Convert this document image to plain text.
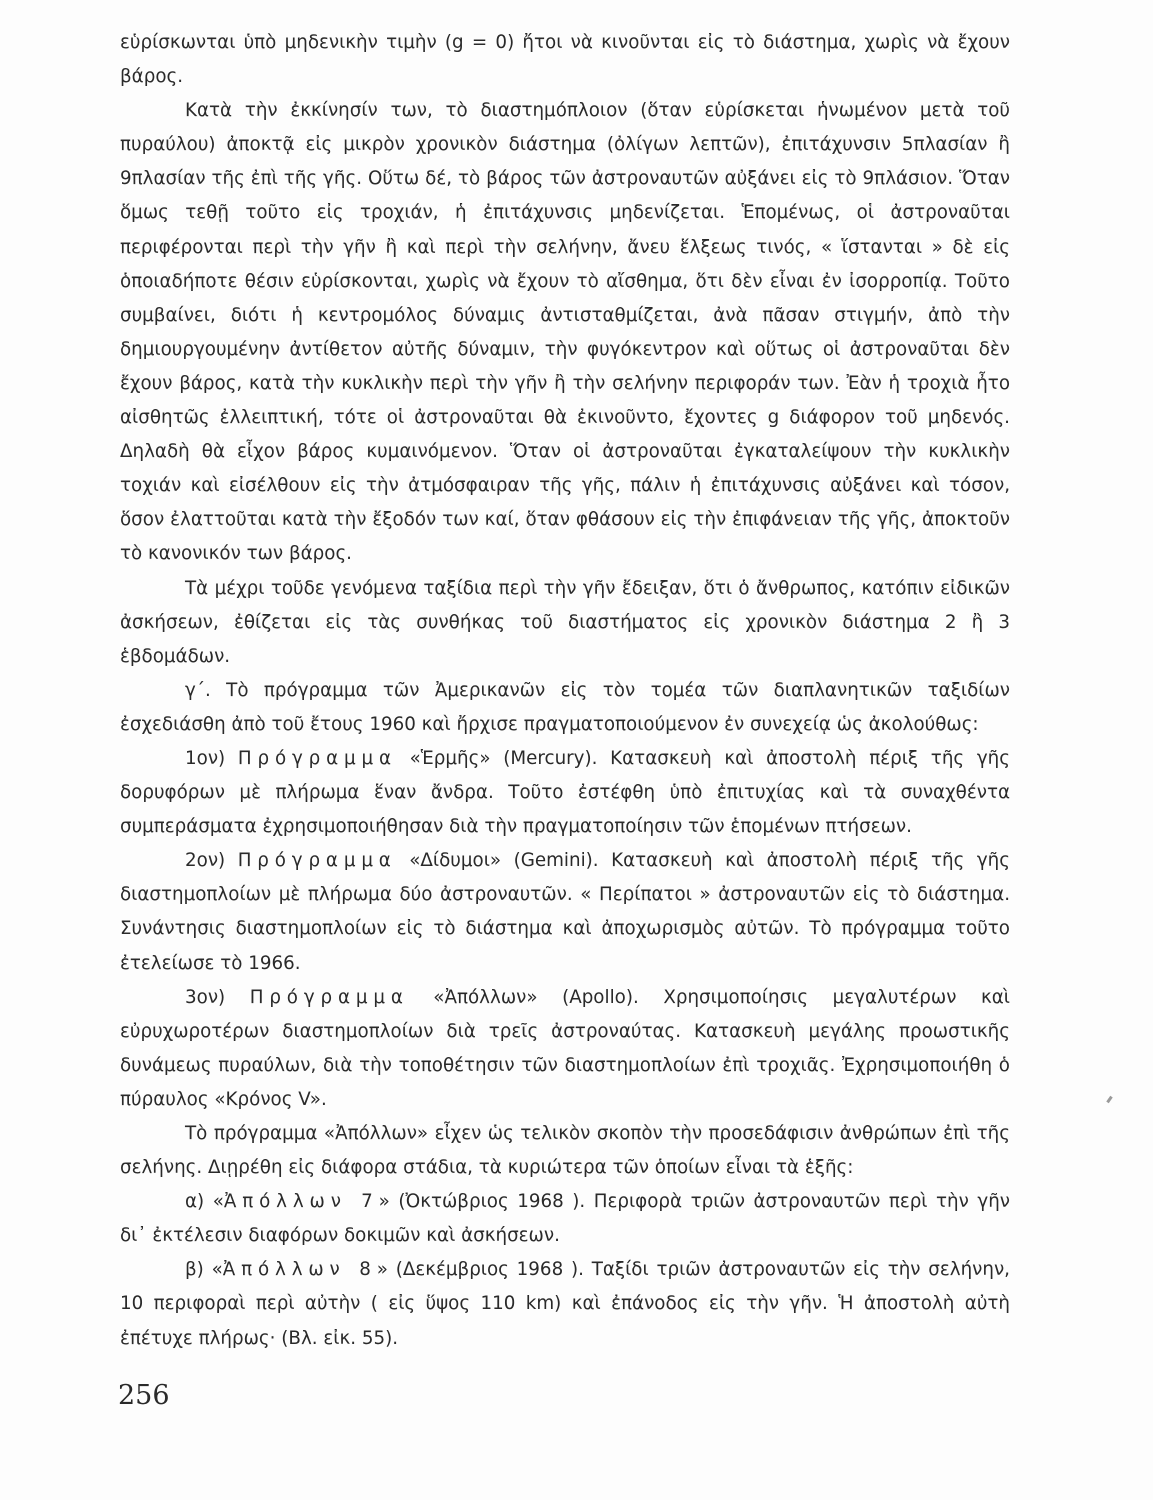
εὑρίσκωνται ὑπὸ μηδενικὴν τιμὴν (g = 0) ἤτοι νὰ κινοῦνται εἰς τὸ διάστημα, χωρὶς νὰ ἔχουν βάρος.

Κατὰ τὴν ἐκκίνησίν των, τὸ διαστημόπλοιον (ὅταν εὑρίσκεται ἡνωμένον μετὰ τοῦ πυραύλου) ἀποκτᾷ εἰς μικρὸν χρονικὸν διάστημα (ὀλίγων λεπτῶν), ἐπιτάχυνσιν 5πλασίαν ἢ 9πλασίαν τῆς ἐπὶ τῆς γῆς. Οὕτω δέ, τὸ βάρος τῶν ἀστροναυτῶν αὐξάνει εἰς τὸ 9πλάσιον. Ὅταν ὅμως τεθῇ τοῦτο εἰς τροχιάν, ἡ ἐπιτάχυνσις μηδενίζεται. Ἑπομένως, οἱ ἀστροναῦται περιφέρονται περὶ τὴν γῆν ἢ καὶ περὶ τὴν σελήνην, ἄνευ ἕλξεως τινός, « ἵστανται » δὲ εἰς ὁποιαδήποτε θέσιν εὑρίσκονται, χωρὶς νὰ ἔχουν τὸ αἴσθημα, ὅτι δὲν εἶναι ἐν ἰσορροπίᾳ. Τοῦτο συμβαίνει, διότι ἡ κεντρομόλος δύναμις ἀντισταθμίζεται, ἀνὰ πᾶσαν στιγμήν, ἀπὸ τὴν δημιουργουμένην ἀντίθετον αὐτῆς δύναμιν, τὴν φυγόκεντρον καὶ οὕτως οἱ ἀστροναῦται δὲν ἔχουν βάρος, κατὰ τὴν κυκλικὴν περὶ τὴν γῆν ἢ τὴν σελήνην περιφοράν των. Ἐὰν ἡ τροχιὰ ἦτο αἰσθητῶς ἐλλειπτική, τότε οἱ ἀστροναῦται θὰ ἐκινοῦντο, ἔχοντες g διάφορον τοῦ μηδενός. Δηλαδὴ θὰ εἶχον βάρος κυμαινόμενον. Ὅταν οἱ ἀστροναῦται ἐγκαταλείψουν τὴν κυκλικὴν τοχιάν καὶ εἰσέλθουν εἰς τὴν ἀτμόσφαιραν τῆς γῆς, πάλιν ἡ ἐπιτάχυνσις αὐξάνει καὶ τόσον, ὅσον ἐλαττοῦται κατὰ τὴν ἔξοδόν των καί, ὅταν φθάσουν εἰς τὴν ἐπιφάνειαν τῆς γῆς, ἀποκτοῦν τὸ κανονικόν των βάρος.

Τὰ μέχρι τοῦδε γενόμενα ταξίδια περὶ τὴν γῆν ἔδειξαν, ὅτι ὁ ἄνθρωπος, κατόπιν εἰδικῶν ἀσκήσεων, ἐθίζεται εἰς τὰς συνθήκας τοῦ διαστήματος εἰς χρονικὸν διάστημα 2 ἢ 3 ἑβδομάδων.

γ΄. Τὸ πρόγραμμα τῶν Ἀμερικανῶν εἰς τὸν τομέα τῶν διαπλανητικῶν ταξιδίων ἐσχεδιάσθη ἀπὸ τοῦ ἔτους 1960 καὶ ἤρχισε πραγματοποιούμενον ἐν συνεχείᾳ ὡς ἀκολούθως:

1ον) Πρόγραμμα «Ἑρμῆς» (Mercury). Κατασκευὴ καὶ ἀποστολὴ πέριξ τῆς γῆς δορυφόρων μὲ πλήρωμα ἕναν ἄνδρα. Τοῦτο ἐστέφθη ὑπὸ ἐπιτυχίας καὶ τὰ συναχθέντα συμπεράσματα ἐχρησιμοποιήθησαν διὰ τὴν πραγματοποίησιν τῶν ἑπομένων πτήσεων.

2ον) Πρόγραμμα «Δίδυμοι» (Gemini). Κατασκευὴ καὶ ἀποστολὴ πέριξ τῆς γῆς διαστημοπλοίων μὲ πλήρωμα δύο ἀστροναυτῶν. « Περίπατοι » ἀστροναυτῶν εἰς τὸ διάστημα. Συνάντησις διαστημοπλοίων εἰς τὸ διάστημα καὶ ἀποχωρισμὸς αὐτῶν. Τὸ πρόγραμμα τοῦτο ἐτελείωσε τὸ 1966.

3ον) Πρόγραμμα «Ἀπόλλων» (Apollo). Χρησιμοποίησις μεγαλυτέρων καὶ εὐρυχωροτέρων διαστημοπλοίων διὰ τρεῖς ἀστροναύτας. Κατασκευὴ μεγάλης προωστικῆς δυνάμεως πυραύλων, διὰ τὴν τοποθέτησιν τῶν διαστημοπλοίων ἐπὶ τροχιᾶς. Ἐχρησιμοποιήθη ὁ πύραυλος «Κρόνος V».

Τὸ πρόγραμμα «Ἀπόλλων» εἶχεν ὡς τελικὸν σκοπὸν τὴν προσεδάφισιν ἀνθρώπων ἐπὶ τῆς σελήνης. Διῃρέθη εἰς διάφορα στάδια, τὰ κυριώτερα τῶν ὁποίων εἶναι τὰ ἑξῆς:

α) «Ἀπόλλων 7» (Ὀκτώβριος 1968 ). Περιφορὰ τριῶν ἀστροναυτῶν περὶ τὴν γῆν δι᾿ ἐκτέλεσιν διαφόρων δοκιμῶν καὶ ἀσκήσεων.

β) «Ἀπόλλων 8» (Δεκέμβριος 1968 ). Ταξίδι τριῶν ἀστροναυτῶν εἰς τὴν σελήνην, 10 περιφοραὶ περὶ αὐτὴν ( εἰς ὕψος 110 km) καὶ ἐπάνοδος εἰς τὴν γῆν. Ἡ ἀποστολὴ αὐτὴ ἐπέτυχε πλήρως· (Βλ. εἰκ. 55).

256
